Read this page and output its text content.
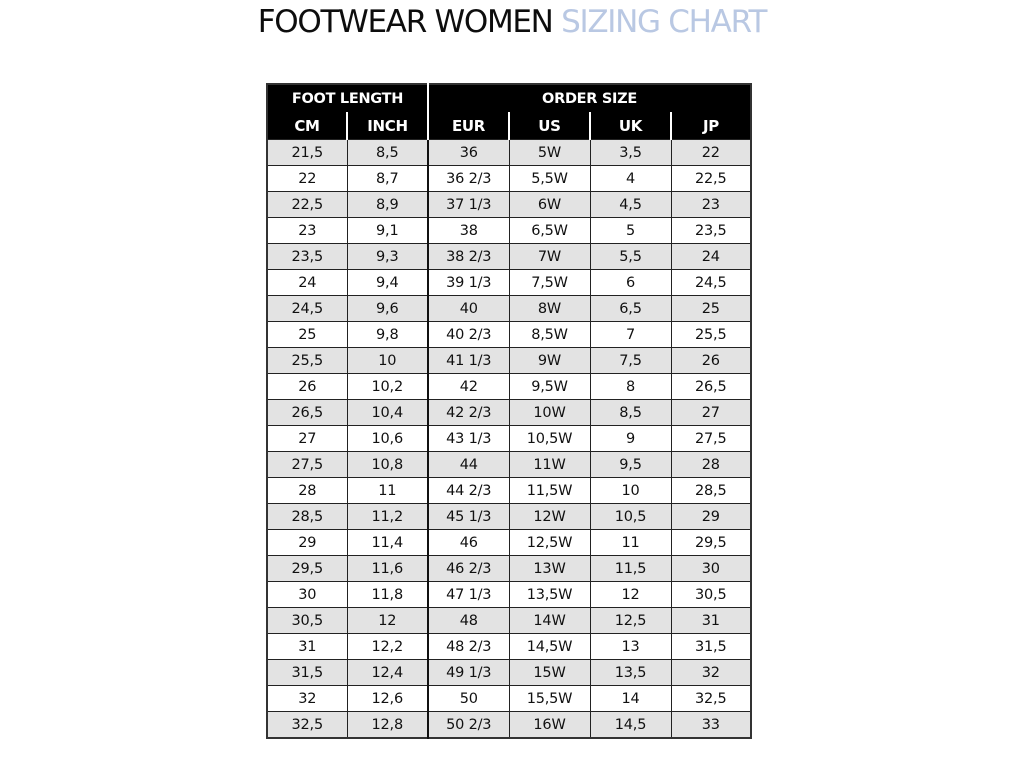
FOOTWEAR WOMEN SIZING CHART
FOOT LENGTH		ORDER SIZE			
CM	INCH	EUR	US	UK	JP
21,5	8,5	36	5W	3,5	22
22	8,7	36 2/3	5,5W	4	22,5
22,5	8,9	37 1/3	6W	4,5	23
23	9,1	38	6,5W	5	23,5
23,5	9,3	38 2/3	7W	5,5	24
24	9,4	39 1/3	7,5W	6	24,5
24,5	9,6	40	8W	6,5	25
25	9,8	40 2/3	8,5W	7	25,5
25,5	10	41 1/3	9W	7,5	26
26	10,2	42	9,5W	8	26,5
26,5	10,4	42 2/3	10W	8,5	27
27	10,6	43 1/3	10,5W	9	27,5
27,5	10,8	44	11W	9,5	28
28	11	44 2/3	11,5W	10	28,5
28,5	11,2	45 1/3	12W	10,5	29
29	11,4	46	12,5W	11	29,5
29,5	11,6	46 2/3	13W	11,5	30
30	11,8	47 1/3	13,5W	12	30,5
30,5	12	48	14W	12,5	31
31	12,2	48 2/3	14,5W	13	31,5
31,5	12,4	49 1/3	15W	13,5	32
32	12,6	50	15,5W	14	32,5
32,5	12,8	50 2/3	16W	14,5	33
